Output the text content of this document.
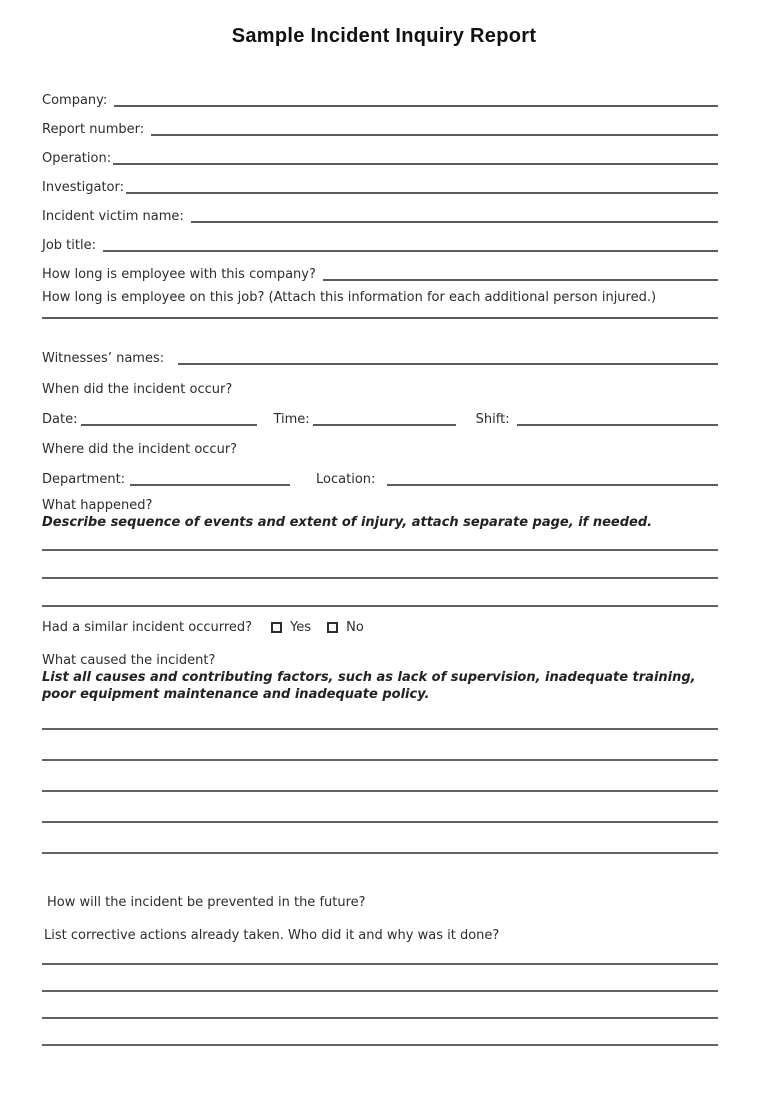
Sample Incident Inquiry Report
Company:
Report number:
Operation:
Investigator:
Incident victim name:
Job title:
How long is employee with this company?
How long is employee on this job? (Attach this information for each additional person injured.)
Witnesses’ names:
When did the incident occur?
Date:	Time:	Shift:
Where did the incident occur?
Department:	Location:
What happened?
Describe sequence of events and extent of injury, attach separate page, if needed.
Had a similar incident occurred?	Yes	No
What caused the incident?
List all causes and contributing factors, such as lack of supervision, inadequate training,
poor equipment maintenance and inadequate policy.
How will the incident be prevented in the future?
List corrective actions already taken. Who did it and why was it done?
